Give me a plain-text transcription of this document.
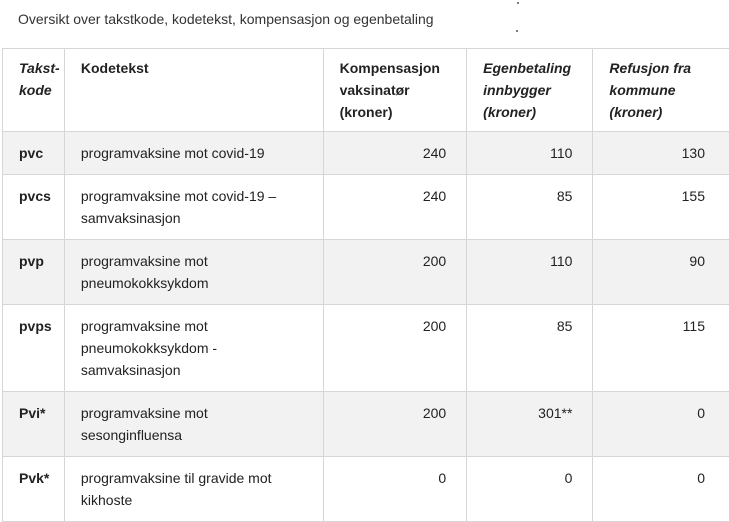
Oversikt over takstkode, kodetekst, kompensasjon og egenbetaling
Takst-kode	Kodetekst	Kompensasjon vaksinatør (kroner)	Egenbetaling innbygger (kroner)	Refusjon fra kommune (kroner)
pvc	programvaksine mot covid-19	240	110	130
pvcs	programvaksine mot covid-19 – samvaksinasjon	240	85	155
pvp	programvaksine mot pneumokokksykdom	200	110	90
pvps	programvaksine mot pneumokokksykdom - samvaksinasjon	200	85	115
Pvi*	programvaksine mot sesonginfluensa	200	301**	0
Pvk*	programvaksine til gravide mot kikhoste	0	0	0
